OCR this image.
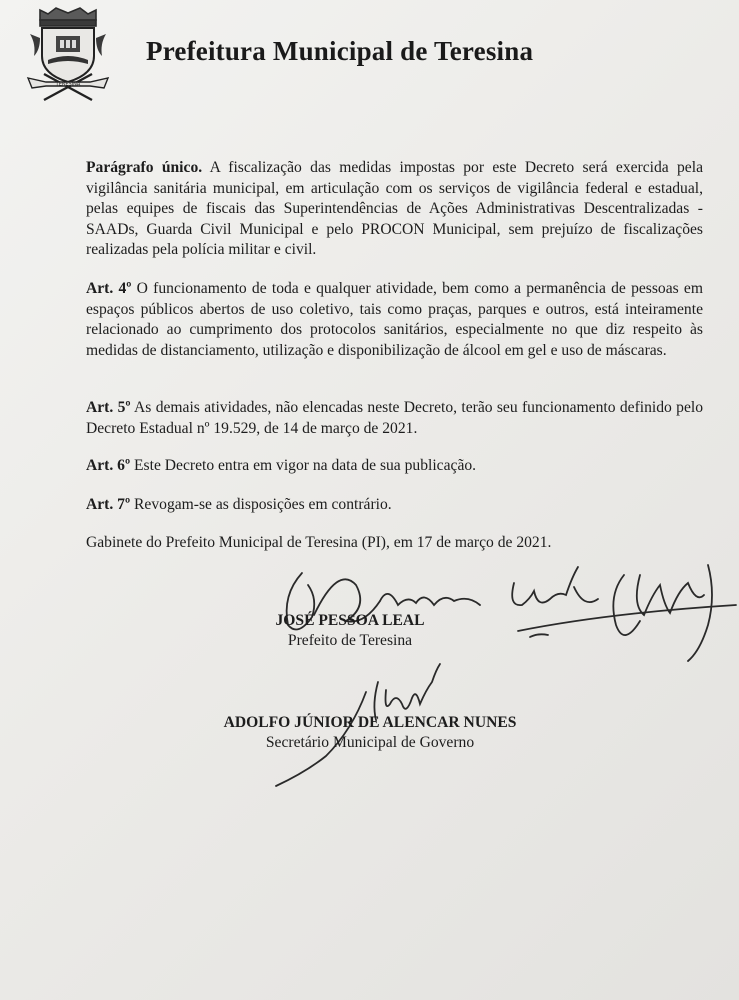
TERESINA
Prefeitura Municipal de Teresina

Parágrafo único. A fiscalização das medidas impostas por este Decreto será exercida pela vigilância sanitária municipal, em articulação com os serviços de vigilância federal e estadual, pelas equipes de fiscais das Superintendências de Ações Administrativas Descentralizadas - SAADs, Guarda Civil Municipal e pelo PROCON Municipal, sem prejuízo de fiscalizações realizadas pela polícia militar e civil.

Art. 4º O funcionamento de toda e qualquer atividade, bem como a permanência de pessoas em espaços públicos abertos de uso coletivo, tais como praças, parques e outros, está inteiramente relacionado ao cumprimento dos protocolos sanitários, especialmente no que diz respeito às medidas de distanciamento, utilização e disponibilização de álcool em gel e uso de máscaras.

Art. 5º As demais atividades, não elencadas neste Decreto, terão seu funcionamento definido pelo Decreto Estadual nº 19.529, de 14 de março de 2021.

Art. 6º Este Decreto entra em vigor na data de sua publicação.

Art. 7º Revogam-se as disposições em contrário.

Gabinete do Prefeito Municipal de Teresina (PI), em 17 de março de 2021.

JOSÉ PESSOA LEAL
Prefeito de Teresina
ADOLFO JÚNIOR DE ALENCAR NUNES
Secretário Municipal de Governo
